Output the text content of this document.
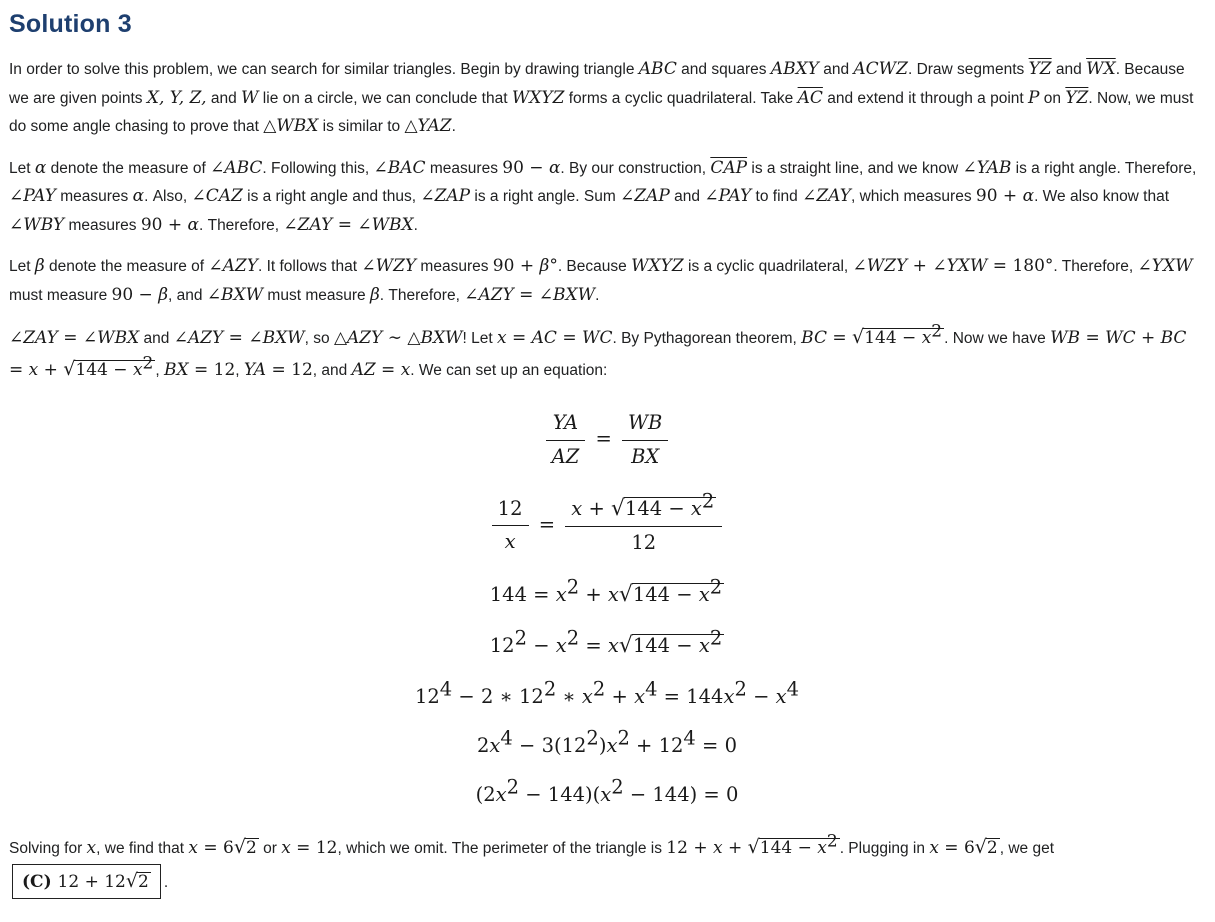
Solution 3

In order to solve this problem, we can search for similar triangles. Begin by drawing triangle ABC and squares ABXY and ACWZ. Draw segments $\overline{YZ}$ and $\overline{WX}$. Because we are given points X, Y, Z, and W lie on a circle, we can conclude that WXYZ forms a cyclic quadrilateral. Take $\overline{AC}$ and extend it through a point P on $\overline{YZ}$. Now, we must do some angle chasing to prove that △WBX is similar to △YAZ.

Let α denote the measure of ∠ABC. Following this, ∠BAC measures 90 − α. By our construction, $\overline{CAP}$ is a straight line, and we know ∠YAB is a right angle. Therefore, ∠PAY measures α. Also, ∠CAZ is a right angle and thus, ∠ZAP is a right angle. Sum ∠ZAP and ∠PAY to find ∠ZAY, which measures 90 + α. We also know that ∠WBY measures 90 + α. Therefore, ∠ZAY = ∠WBX.

Let β denote the measure of ∠AZY. It follows that ∠WZY measures 90 + β°. Because WXYZ is a cyclic quadrilateral, ∠WZY + ∠YXW = 180°. Therefore, ∠YXW must measure 90 − β, and ∠BXW must measure β. Therefore, ∠AZY = ∠BXW.

∠ZAY = ∠WBX and ∠AZY = ∠BXW, so △AZY ∼ △BXW! Let x = AC = WC. By Pythagorean theorem, BC = $√144 - x^2$ . Now we have WB = WC + BC = $x + √144 - x^2$ , BX = 12, YA = 12, and AZ = x. We can set up an equation:

$\frac{YA}{AZ} = \frac{WB}{BX}$
$\frac{12}{x} = \frac{x + √144 - x^2}{12}$
$144 = x^2 + x√144 - x^2$
$12^2 - x^2 = x√144 - x^2$
$12^4 - 2$ ∗ $12^2$ ∗ $x^2 + x^4 = 144x^2 - x^4$
$2x^4 - 3(12^2)x^2 + 12^4 = 0$
$(2x^2 - 144)(x^2 - 144) = 0$

Solving for x, we find that x = 6√2 or x = 12, which we omit. The perimeter of the triangle is $12 + x + √144 - x^2$ . Plugging in x = 6√2 , we get (C) 12 + 12√2 .
